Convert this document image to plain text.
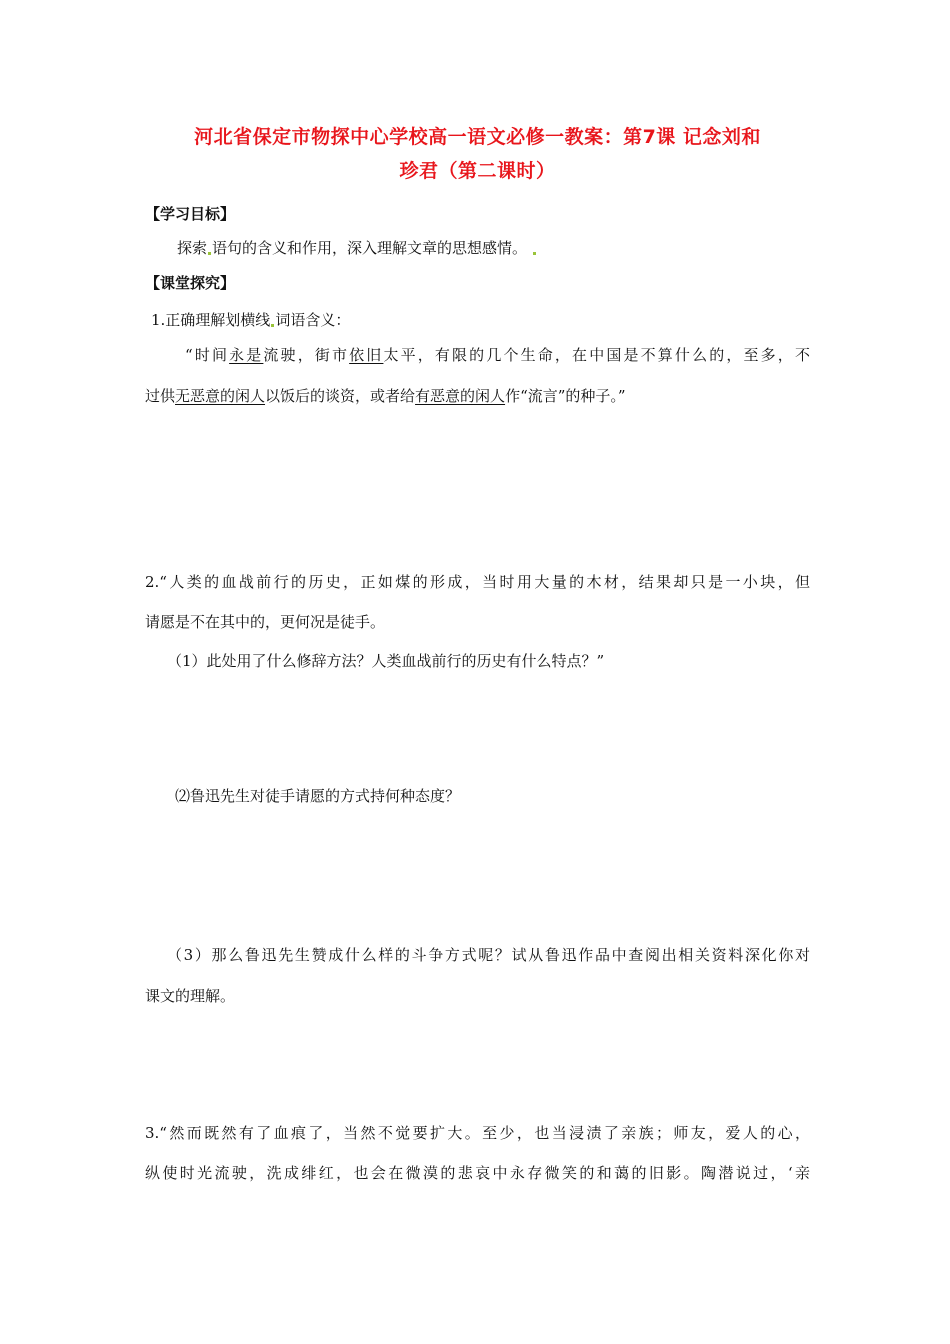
河北省保定市物探中心学校高一语文必修一教案：第7课 记念刘和
珍君（第二课时）
【学习目标】
探索 语句的含义和作用，深入理解文章的思想感情。
【课堂探究】
1.正确理解划横线 词语含义：
“时间永是流驶，街市依旧太平，有限的几个生命，在中国是不算什么的，至多，不
过供无恶意的闲人以饭后的谈资，或者给有恶意的闲人作“流言”的种子。”
2.“人类的血战前行的历史，正如煤的形成，当时用大量的木材，结果却只是一小块，但
请愿是不在其中的，更何况是徒手。
（1）此处用了什么修辞方法？人类血战前行的历史有什么特点？”
⑵鲁迅先生对徒手请愿的方式持何种态度？
（3）那么鲁迅先生赞成什么样的斗争方式呢？试从鲁迅作品中查阅出相关资料深化你对
课文的理解。
3.“然而既然有了血痕了，当然不觉要扩大。至少，也当浸渍了亲族；师友，爱人的心，
纵使时光流驶，洗成绯红，也会在微漠的悲哀中永存微笑的和蔼的旧影。陶潜说过，‘亲
